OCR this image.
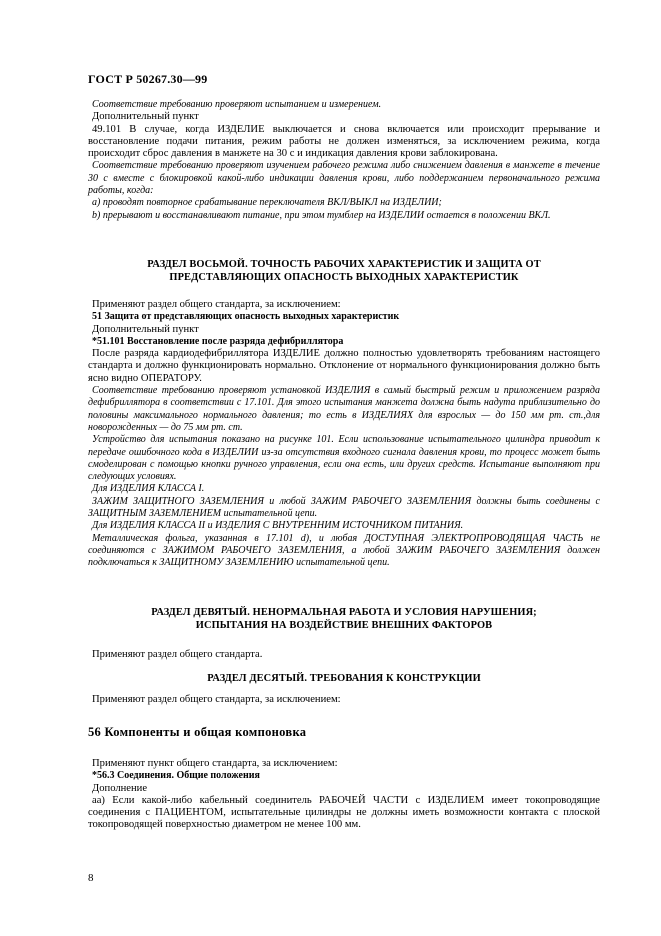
ГОСТ Р 50267.30—99

Соответствие требованию проверяют испытанием и измерением.

Дополнительный пункт

49.101 В случае, когда ИЗДЕЛИЕ выключается и снова включается или происходит прерывание и восстановление подачи питания, режим работы не должен изменяться, за исключением режима, когда происходит сброс давления в манжете на 30 с и индикация давления крови заблокирована.

Соответствие требованию проверяют изучением рабочего режима либо снижением давления в манжете в течение 30 с вместе с блокировкой какой-либо индикации давления крови, либо поддержанием первоначального режима работы, когда:

а) проводят повторное срабатывание переключателя ВКЛ/ВЫКЛ на ИЗДЕЛИИ;

b) прерывают и восстанавливают питание, при этом тумблер на ИЗДЕЛИИ остается в положении ВКЛ.

РАЗДЕЛ ВОСЬМОЙ. ТОЧНОСТЬ РАБОЧИХ ХАРАКТЕРИСТИК И ЗАЩИТА ОТ
ПРЕДСТАВЛЯЮЩИХ ОПАСНОСТЬ ВЫХОДНЫХ ХАРАКТЕРИСТИК

Применяют раздел общего стандарта, за исключением:

51 Защита от представляющих опасность выходных характеристик

Дополнительный пункт

*51.101 Восстановление после разряда дефибриллятора

После разряда кардиодефибриллятора ИЗДЕЛИЕ должно полностью удовлетворять требованиям настоящего стандарта и должно функционировать нормально. Отклонение от нормального функционирования должно быть ясно видно ОПЕРАТОРУ.

Соответствие требованию проверяют установкой ИЗДЕЛИЯ в самый быстрый режим и приложением разряда дефибриллятора в соответствии с 17.101. Для этого испытания манжета должна быть надута приблизительно до половины максимального нормального давления; то есть в ИЗДЕЛИЯХ для взрослых — до 150 мм рт. ст.,для новорожденных — до 75 мм рт. ст.

Устройство для испытания показано на рисунке 101. Если использование испытательного цилиндра приводит к передаче ошибочного кода в ИЗДЕЛИИ из-за отсутствия входного сигнала давления крови, то процесс может быть смоделирован с помощью кнопки ручного управления, если она есть, или других средств. Испытание выполняют при следующих условиях.

Для ИЗДЕЛИЯ КЛАССА I.

ЗАЖИМ ЗАЩИТНОГО ЗАЗЕМЛЕНИЯ и любой ЗАЖИМ РАБОЧЕГО ЗАЗЕМЛЕНИЯ должны быть соединены с ЗАЩИТНЫМ ЗАЗЕМЛЕНИЕМ испытательной цепи.

Для ИЗДЕЛИЯ КЛАССА II и ИЗДЕЛИЯ С ВНУТРЕННИМ ИСТОЧНИКОМ ПИТАНИЯ.

Металлическая фольга, указанная в 17.101 d), и любая ДОСТУПНАЯ ЭЛЕКТРОПРОВОДЯЩАЯ ЧАСТЬ не соединяются с ЗАЖИМОМ РАБОЧЕГО ЗАЗЕМЛЕНИЯ, а любой ЗАЖИМ РАБОЧЕГО ЗАЗЕМЛЕНИЯ должен подключаться к ЗАЩИТНОМУ ЗАЗЕМЛЕНИЮ испытательной цепи.

РАЗДЕЛ ДЕВЯТЫЙ. НЕНОРМАЛЬНАЯ РАБОТА И УСЛОВИЯ НАРУШЕНИЯ;
ИСПЫТАНИЯ НА ВОЗДЕЙСТВИЕ ВНЕШНИХ ФАКТОРОВ

Применяют раздел общего стандарта.

РАЗДЕЛ ДЕСЯТЫЙ. ТРЕБОВАНИЯ К КОНСТРУКЦИИ

Применяют раздел общего стандарта, за исключением:

56 Компоненты и общая компоновка

Применяют пункт общего стандарта, за исключением:

*56.3 Соединения. Общие положения

Дополнение

аа) Если какой-либо кабельный соединитель РАБОЧЕЙ ЧАСТИ с ИЗДЕЛИЕМ имеет токопроводящие соединения с ПАЦИЕНТОМ, испытательные цилиндры не должны иметь возможности контакта с плоской токопроводящей поверхностью диаметром не менее 100 мм.

8
